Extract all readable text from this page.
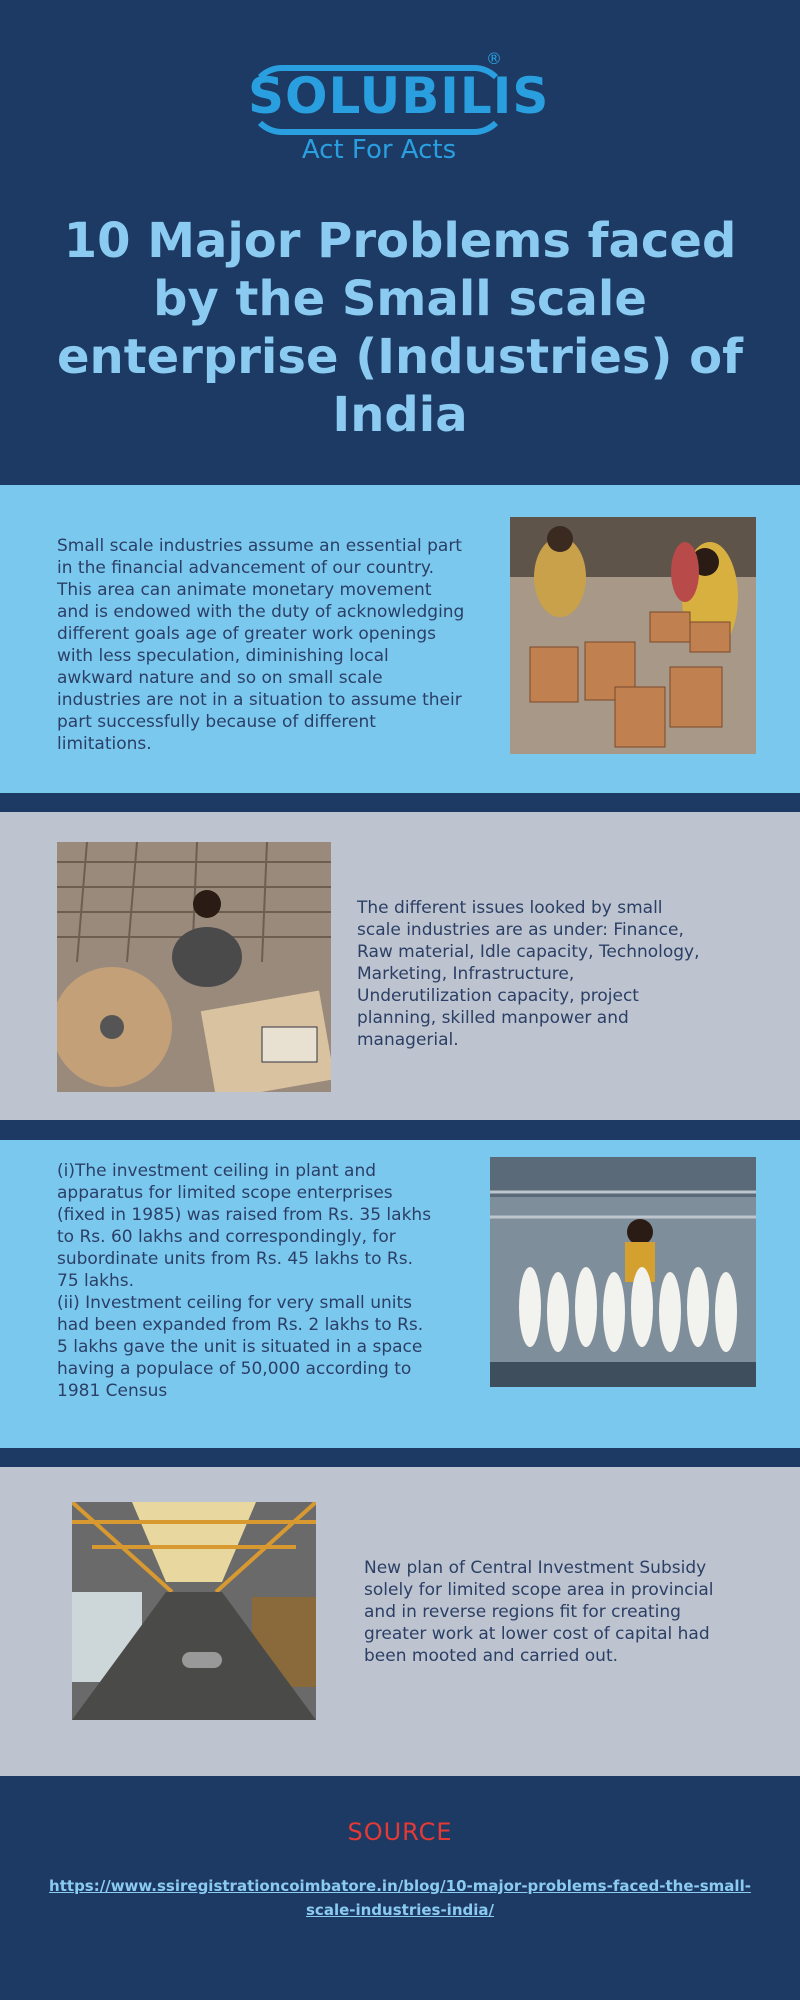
SOLUBILIS
®
Act For Acts
10 Major Problems faced by the Small scale enterprise (Industries) of India

Small scale industries assume an essential part in the financial advancement of our country. This area can animate monetary movement and is endowed with the duty of acknowledging different goals age of greater work openings with less speculation, diminishing local awkward nature and so on small scale industries are not in a situation to assume their part successfully because of different limitations.

The different issues looked by small scale industries are as under: Finance, Raw material, Idle capacity, Technology, Marketing, Infrastructure, Underutilization capacity, project planning, skilled manpower and managerial.

(i)The investment ceiling in plant and apparatus for limited scope enterprises (fixed in 1985) was raised from Rs. 35 lakhs to Rs. 60 lakhs and correspondingly, for subordinate units from Rs. 45 lakhs to Rs. 75 lakhs.

(ii) Investment ceiling for very small units had been expanded from Rs. 2 lakhs to Rs. 5 lakhs gave the unit is situated in a space having a populace of 50,000 according to 1981 Census

New plan of Central Investment Subsidy solely for limited scope area in provincial and in reverse regions fit for creating greater work at lower cost of capital had been mooted and carried out.

SOURCE
https://www.ssiregistrationcoimbatore.in/blog/10-major-problems-faced-the-small-scale-industries-india/
